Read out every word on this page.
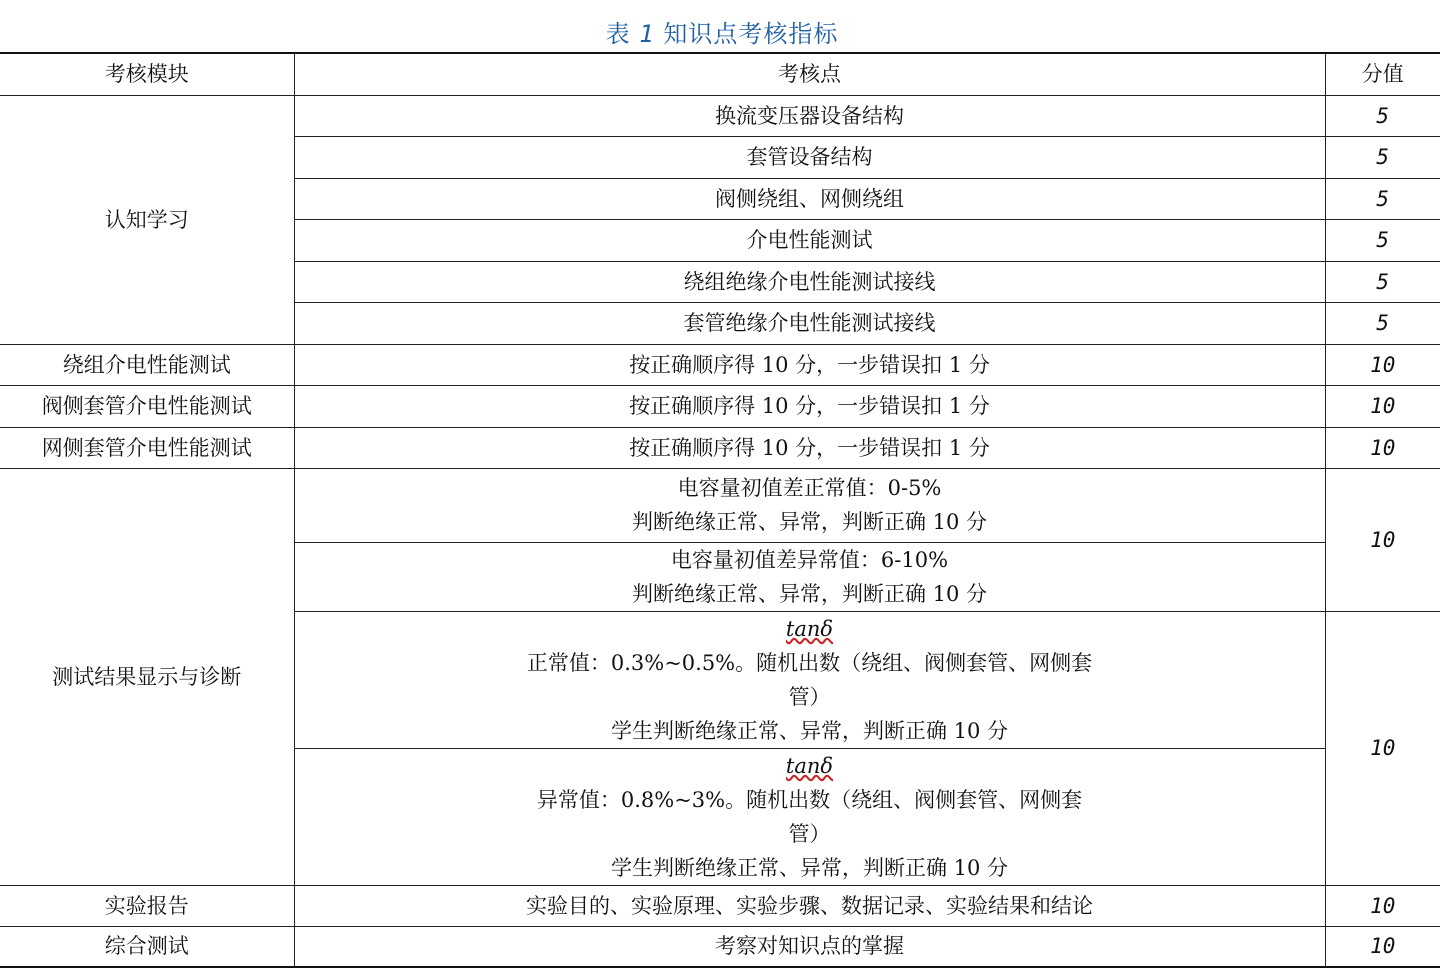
表 1 知识点考核指标
考核模块	考核点	分值
认知学习	换流变压器设备结构	5
	套管设备结构	5
	阀侧绕组、网侧绕组	5
	介电性能测试	5
	绕组绝缘介电性能测试接线	5
	套管绝缘介电性能测试接线	5
绕组介电性能测试	按正确顺序得 10 分，一步错误扣 1 分	10
阀侧套管介电性能测试	按正确顺序得 10 分，一步错误扣 1 分	10
网侧套管介电性能测试	按正确顺序得 10 分，一步错误扣 1 分	10
测试结果显示与诊断	电容量初值差正常值：0-5%
判断绝缘正常、异常，判断正确 10 分	10

	电容量初值差异常值：6-10%
判断绝缘正常、异常，判断正确 10 分	

	tanδ
正常值：0.3%~0.5%。随机出数（绕组、阀侧套管、网侧套
管）
学生判断绝缘正常、异常，判断正确 10 分	10

	tanδ
异常值：0.8%~3%。随机出数（绕组、阀侧套管、网侧套
管）
学生判断绝缘正常、异常，判断正确 10 分	

实验报告	实验目的、实验原理、实验步骤、数据记录、实验结果和结论	10
综合测试	考察对知识点的掌握	10
